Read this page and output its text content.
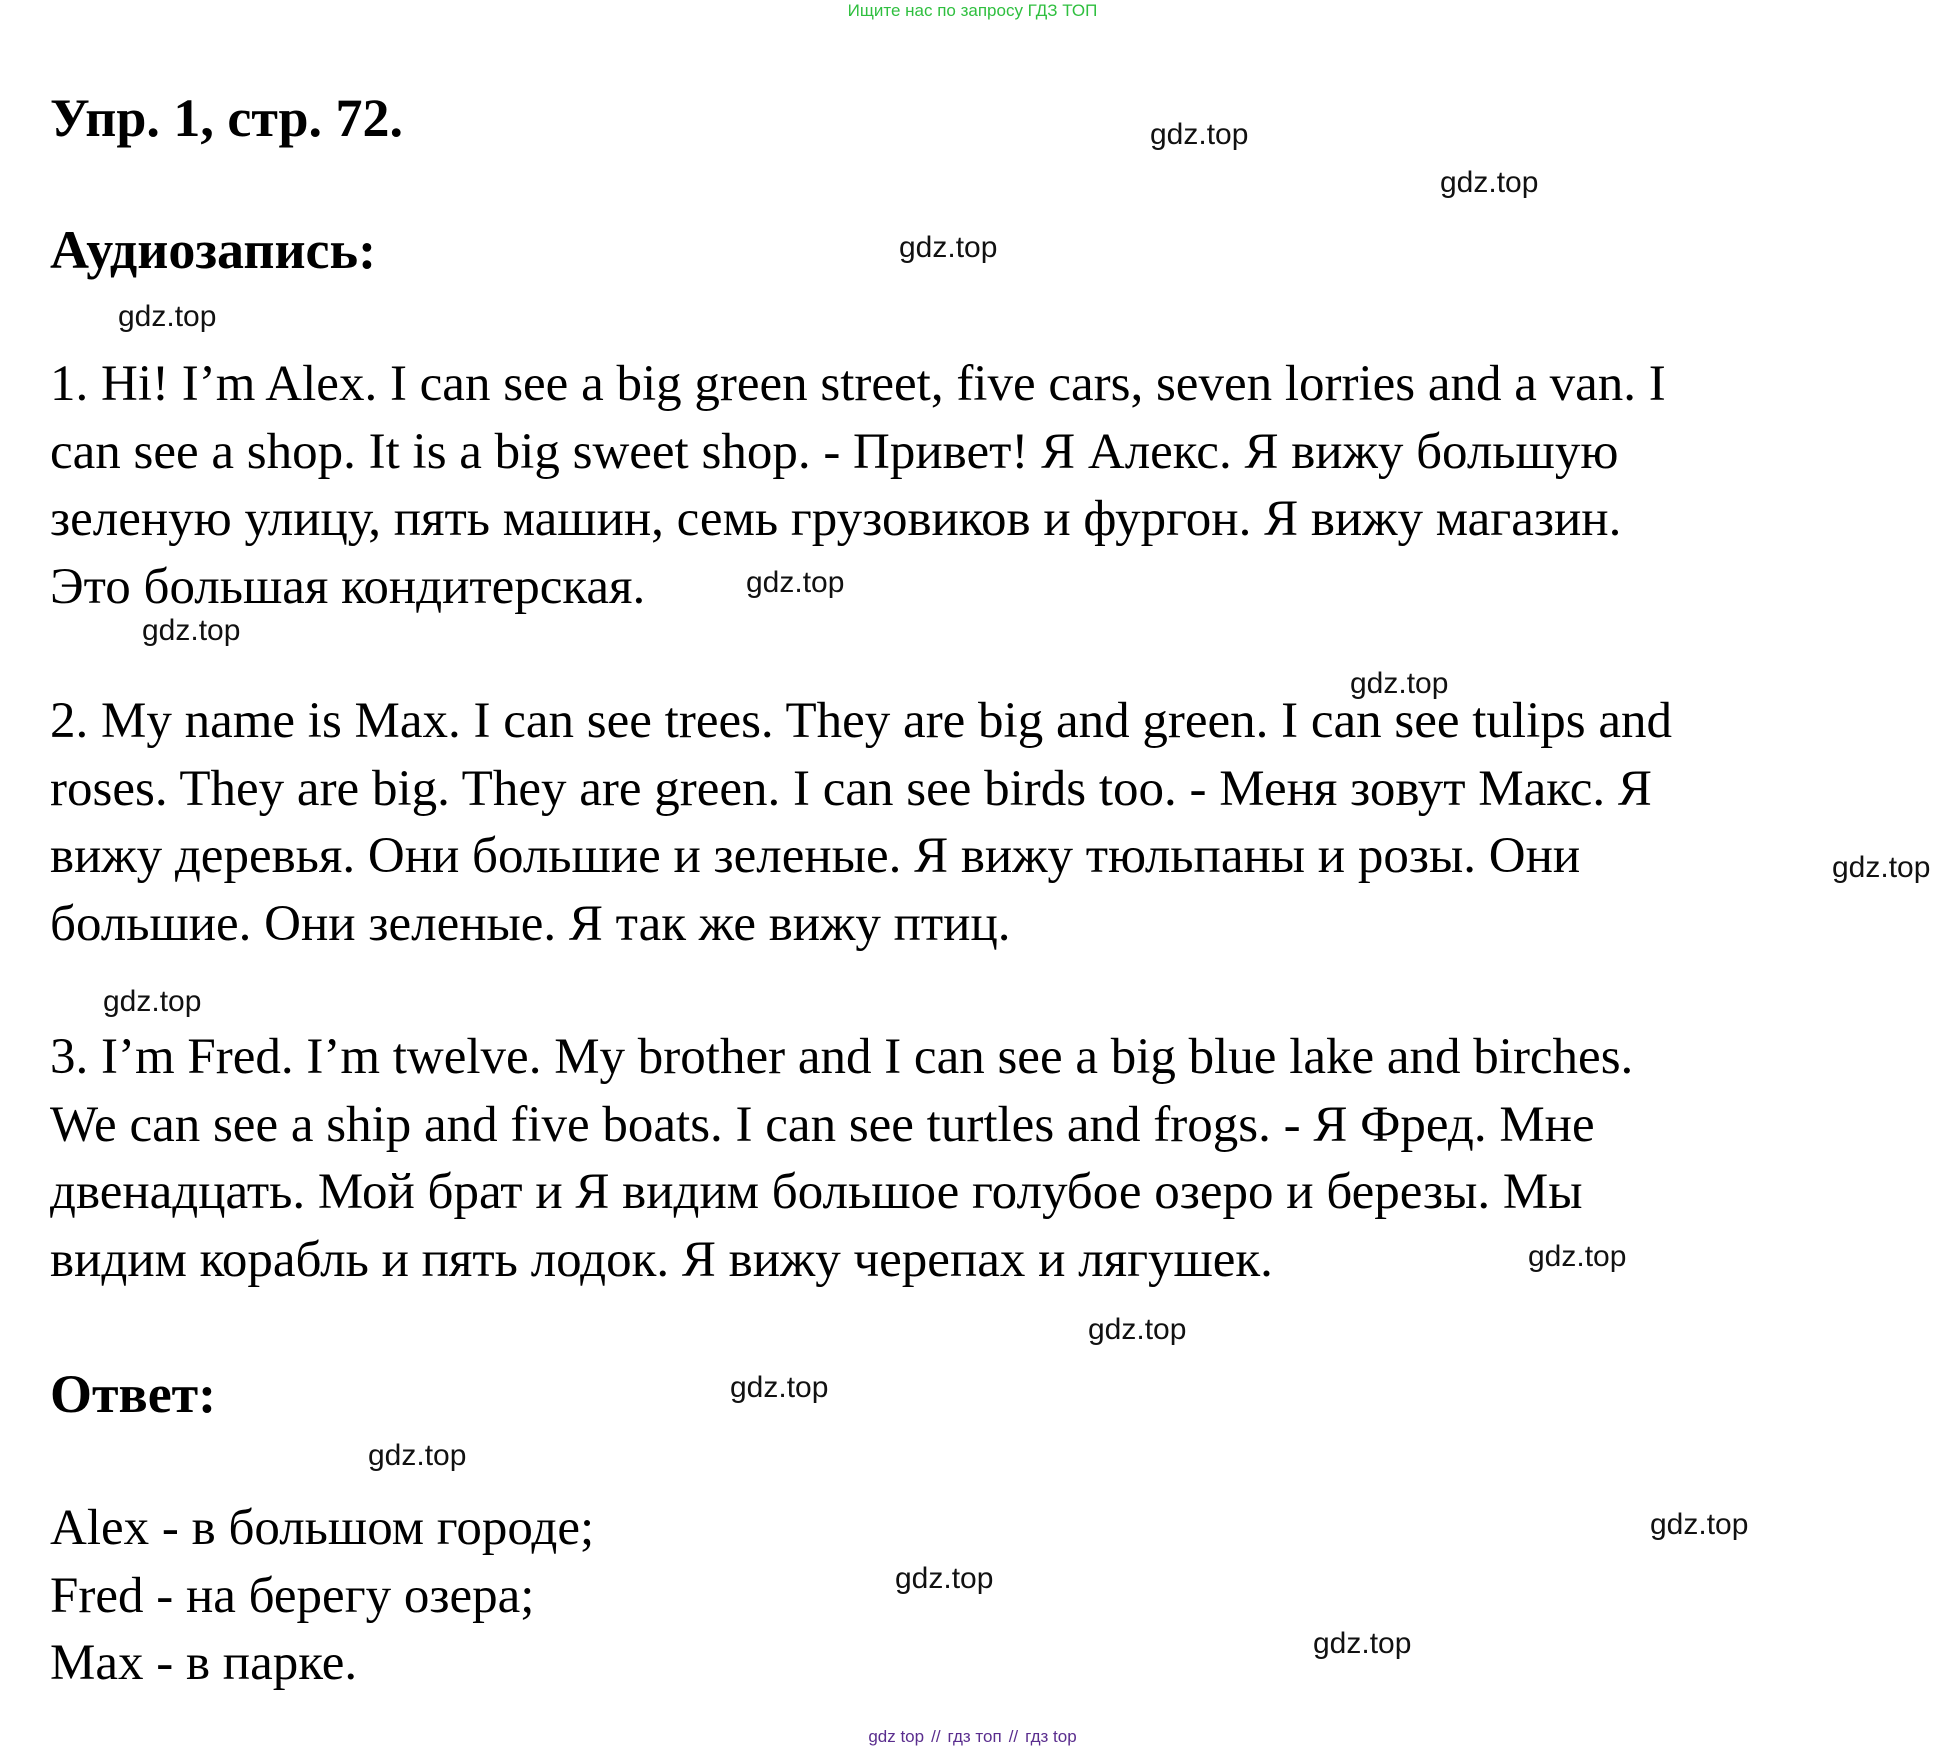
Ищите нас по запросу ГДЗ ТОП
Упр. 1, стр. 72.
Аудиозапись:

1. Hi! I’m Alex. I can see a big green street, five cars, seven lorries and a van. I
can see a shop. It is a big sweet shop. - Привет! Я Алекс. Я вижу большую
зеленую улицу, пять машин, семь грузовиков и фургон. Я вижу магазин.
Это большая кондитерская.

2. My name is Max. I can see trees. They are big and green. I can see tulips and
roses. They are big. They are green. I can see birds too. - Меня зовут Макс. Я
вижу деревья. Они большие и зеленые. Я вижу тюльпаны и розы. Они
большие. Они зеленые. Я так же вижу птиц.

3. I’m Fred. I’m twelve. My brother and I can see a big blue lake and birches.
We can see a ship and five boats. I can see turtles and frogs. - Я Фред. Мне
двенадцать. Мой брат и Я видим большое голубое озеро и березы. Мы
видим корабль и пять лодок. Я вижу черепах и лягушек.

Ответ:
Alex - в большом городе;
Fred - на берегу озера;
Max - в парке.
gdz.top
gdz.top
gdz.top
gdz.top
gdz.top
gdz.top
gdz.top
gdz.top
gdz.top
gdz.top
gdz.top
gdz.top
gdz.top
gdz.top
gdz.top
gdz.top
gdz top // гдз топ // гдз top
